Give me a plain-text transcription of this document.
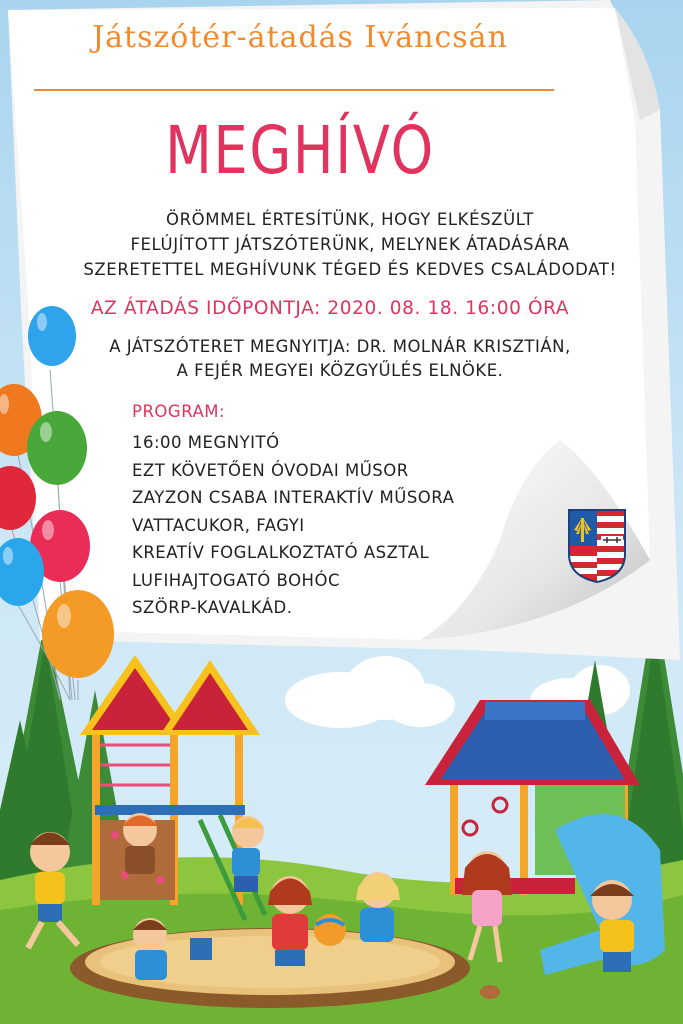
Játszótér-átadás Iváncsán
MEGHÍVÓ
ÖRÖMMEL ÉRTESÍTÜNK, HOGY ELKÉSZÜLT
FELÚJÍTOTT JÁTSZÓTERÜNK, MELYNEK ÁTADÁSÁRA
SZERETETTEL MEGHÍVUNK TÉGED ÉS KEDVES CSALÁDODAT!
AZ ÁTADÁS IDŐPONTJA: 2020. 08. 18. 16:00 ÓRA
A JÁTSZÓTERET MEGNYITJA: DR. MOLNÁR KRISZTIÁN,
A FEJÉR MEGYEI KÖZGYŰLÉS ELNÖKE.
PROGRAM:
16:00 MEGNYITÓ
EZT KÖVETŐEN ÓVODAI MŰSOR
ZAYZON CSABA INTERAKTÍV MŰSORA
VATTACUKOR, FAGYI
KREATÍV FOGLALKOZTATÓ ASZTAL
LUFIHAJTOGATÓ BOHÓC
SZÖRP-KAVALKÁD.
